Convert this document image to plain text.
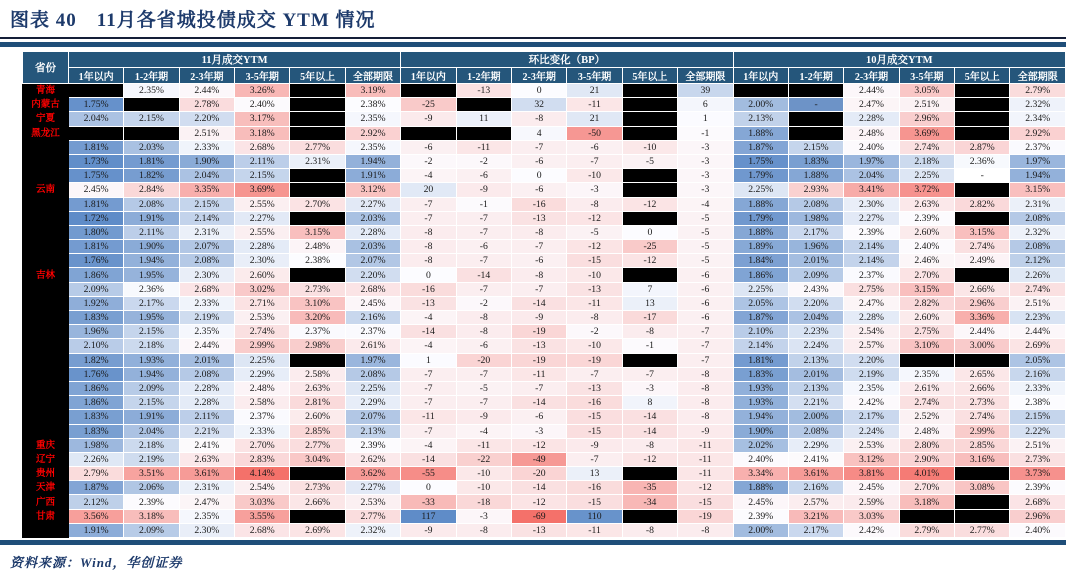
图表 40　11月各省城投债成交 YTM 情况
省份	11月成交YTM						环比变化（BP）						10月成交YTM					
	1年以内	1-2年期	2-3年期	3-5年期	5年以上	全部期限	1年以内	1-2年期	2-3年期	3-5年期	5年以上	全部期限	1年以内	1-2年期	2-3年期	3-5年期	5年以上	全部期限
青海		2.35%	2.44%	3.26%		3.19%		-13	0	21		39			2.44%	3.05%		2.79%
内蒙古	1.75%		2.78%	2.40%		2.38%	-25		32	-11		6	2.00%	-	2.47%	2.51%		2.32%
宁夏	2.04%	2.15%	2.20%	3.17%		2.35%	-9	11	-8	21		1	2.13%		2.28%	2.96%		2.34%
黑龙江			2.51%	3.18%		2.92%			4	-50		-1	1.88%		2.48%	3.69%		2.92%
	1.81%	2.03%	2.33%	2.68%	2.77%	2.35%	-6	-11	-7	-6	-10	-3	1.87%	2.15%	2.40%	2.74%	2.87%	2.37%
	1.73%	1.81%	1.90%	2.11%	2.31%	1.94%	-2	-2	-6	-7	-5	-3	1.75%	1.83%	1.97%	2.18%	2.36%	1.97%
	1.75%	1.82%	2.04%	2.15%		1.91%	-4	-6	0	-10		-3	1.79%	1.88%	2.04%	2.25%	-	1.94%
云南	2.45%	2.84%	3.35%	3.69%		3.12%	20	-9	-6	-3		-3	2.25%	2.93%	3.41%	3.72%		3.15%
	1.81%	2.08%	2.15%	2.55%	2.70%	2.27%	-7	-1	-16	-8	-12	-4	1.88%	2.08%	2.30%	2.63%	2.82%	2.31%
	1.72%	1.91%	2.14%	2.27%		2.03%	-7	-7	-13	-12		-5	1.79%	1.98%	2.27%	2.39%		2.08%
	1.80%	2.11%	2.31%	2.55%	3.15%	2.28%	-8	-7	-8	-5	0	-5	1.88%	2.17%	2.39%	2.60%	3.15%	2.32%
	1.81%	1.90%	2.07%	2.28%	2.48%	2.03%	-8	-6	-7	-12	-25	-5	1.89%	1.96%	2.14%	2.40%	2.74%	2.08%
	1.76%	1.94%	2.08%	2.30%	2.38%	2.07%	-8	-7	-6	-15	-12	-5	1.84%	2.01%	2.14%	2.46%	2.49%	2.12%
吉林	1.86%	1.95%	2.30%	2.60%		2.20%	0	-14	-8	-10		-6	1.86%	2.09%	2.37%	2.70%		2.26%
	2.09%	2.36%	2.68%	3.02%	2.73%	2.68%	-16	-7	-7	-13	7	-6	2.25%	2.43%	2.75%	3.15%	2.66%	2.74%
	1.92%	2.17%	2.33%	2.71%	3.10%	2.45%	-13	-2	-14	-11	13	-6	2.05%	2.20%	2.47%	2.82%	2.96%	2.51%
	1.83%	1.95%	2.19%	2.53%	3.20%	2.16%	-4	-8	-9	-8	-17	-6	1.87%	2.04%	2.28%	2.60%	3.36%	2.23%
	1.96%	2.15%	2.35%	2.74%	2.37%	2.37%	-14	-8	-19	-2	-8	-7	2.10%	2.23%	2.54%	2.75%	2.44%	2.44%
	2.10%	2.18%	2.44%	2.99%	2.98%	2.61%	-4	-6	-13	-10	-1	-7	2.14%	2.24%	2.57%	3.10%	3.00%	2.69%
	1.82%	1.93%	2.01%	2.25%		1.97%	1	-20	-19	-19		-7	1.81%	2.13%	2.20%			2.05%
	1.76%	1.94%	2.08%	2.29%	2.58%	2.08%	-7	-7	-11	-7	-7	-8	1.83%	2.01%	2.19%	2.35%	2.65%	2.16%
	1.86%	2.09%	2.28%	2.48%	2.63%	2.25%	-7	-5	-7	-13	-3	-8	1.93%	2.13%	2.35%	2.61%	2.66%	2.33%
	1.86%	2.15%	2.28%	2.58%	2.81%	2.29%	-7	-7	-14	-16	8	-8	1.93%	2.21%	2.42%	2.74%	2.73%	2.38%
	1.83%	1.91%	2.11%	2.37%	2.60%	2.07%	-11	-9	-6	-15	-14	-8	1.94%	2.00%	2.17%	2.52%	2.74%	2.15%
	1.83%	2.04%	2.21%	2.33%	2.85%	2.13%	-7	-4	-3	-15	-14	-9	1.90%	2.08%	2.24%	2.48%	2.99%	2.22%
重庆	1.98%	2.18%	2.41%	2.70%	2.77%	2.39%	-4	-11	-12	-9	-8	-11	2.02%	2.29%	2.53%	2.80%	2.85%	2.51%
辽宁	2.26%	2.19%	2.63%	2.83%	3.04%	2.62%	-14	-22	-49	-7	-12	-11	2.40%	2.41%	3.12%	2.90%	3.16%	2.73%
贵州	2.79%	3.51%	3.61%	4.14%		3.62%	-55	-10	-20	13		-11	3.34%	3.61%	3.81%	4.01%		3.73%
天津	1.87%	2.06%	2.31%	2.54%	2.73%	2.27%	0	-10	-14	-16	-35	-12	1.88%	2.16%	2.45%	2.70%	3.08%	2.39%
广西	2.12%	2.39%	2.47%	3.03%	2.66%	2.53%	-33	-18	-12	-15	-34	-15	2.45%	2.57%	2.59%	3.18%		2.68%
甘肃	3.56%	3.18%	2.35%	3.55%		2.77%	117	-3	-69	110		-19	2.39%	3.21%	3.03%			2.96%
	1.91%	2.09%	2.30%	2.68%	2.69%	2.32%	-9	-8	-13	-11	-8	-8	2.00%	2.17%	2.42%	2.79%	2.77%	2.40%
资料来源：Wind，华创证券
